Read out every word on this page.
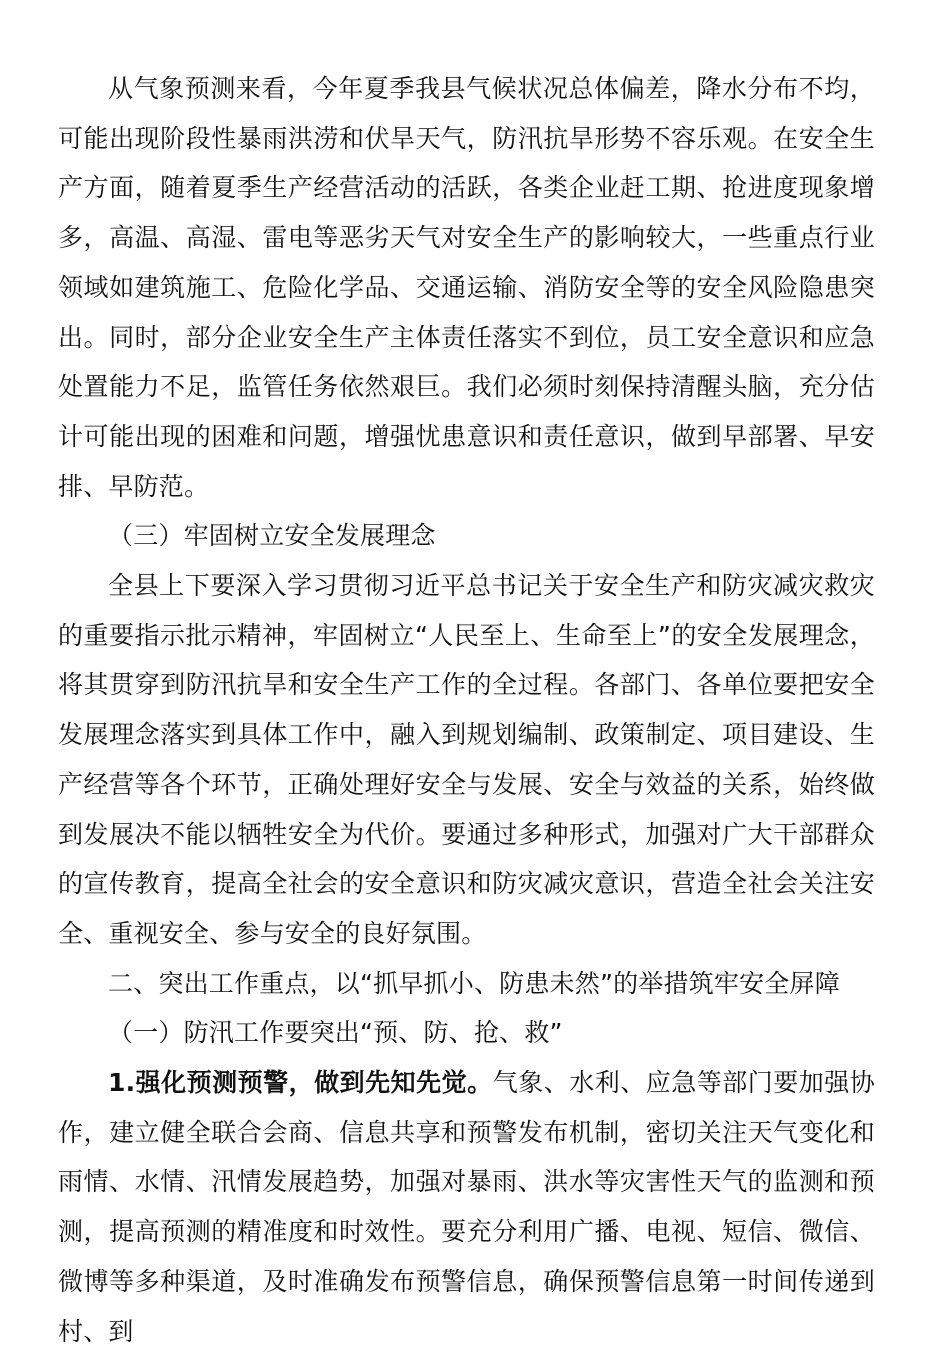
从气象预测来看，今年夏季我县气候状况总体偏差，降水分布不均，可能出现阶段性暴雨洪涝和伏旱天气，防汛抗旱形势不容乐观。在安全生产方面，随着夏季生产经营活动的活跃，各类企业赶工期、抢进度现象增多，高温、高湿、雷电等恶劣天气对安全生产的影响较大，一些重点行业领域如建筑施工、危险化学品、交通运输、消防安全等的安全风险隐患突出。同时，部分企业安全生产主体责任落实不到位，员工安全意识和应急处置能力不足，监管任务依然艰巨。我们必须时刻保持清醒头脑，充分估计可能出现的困难和问题，增强忧患意识和责任意识，做到早部署、早安排、早防范。

（三）牢固树立安全发展理念

全县上下要深入学习贯彻习近平总书记关于安全生产和防灾减灾救灾的重要指示批示精神，牢固树立“人民至上、生命至上”的安全发展理念，将其贯穿到防汛抗旱和安全生产工作的全过程。各部门、各单位要把安全发展理念落实到具体工作中，融入到规划编制、政策制定、项目建设、生产经营等各个环节，正确处理好安全与发展、安全与效益的关系，始终做到发展决不能以牺牲安全为代价。要通过多种形式，加强对广大干部群众的宣传教育，提高全社会的安全意识和防灾减灾意识，营造全社会关注安全、重视安全、参与安全的良好氛围。

二、突出工作重点，以“抓早抓小、防患未然”的举措筑牢安全屏障

（一）防汛工作要突出“预、防、抢、救”

1.强化预测预警，做到先知先觉。气象、水利、应急等部门要加强协作，建立健全联合会商、信息共享和预警发布机制，密切关注天气变化和雨情、水情、汛情发展趋势，加强对暴雨、洪水等灾害性天气的监测和预测，提高预测的精准度和时效性。要充分利用广播、电视、短信、微信、微博等多种渠道，及时准确发布预警信息，确保预警信息第一时间传递到村、到
